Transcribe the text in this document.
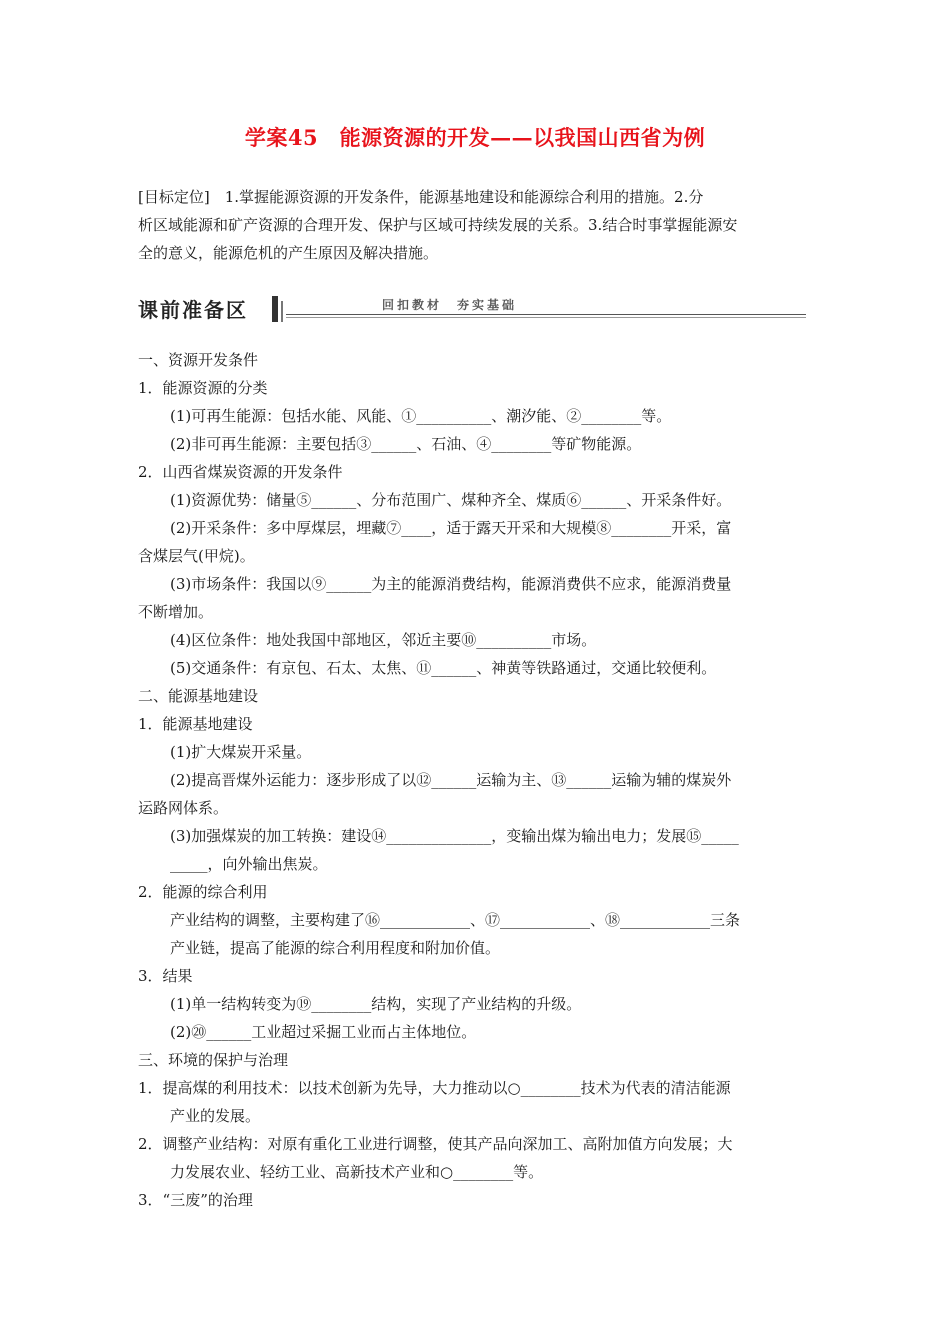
学案45　能源资源的开发——以我国山西省为例
[目标定位]　1.掌握能源资源的开发条件，能源基地建设和能源综合利用的措施。2.分
析区域能源和矿产资源的合理开发、保护与区域可持续发展的关系。3.结合时事掌握能源安
全的意义，能源危机的产生原因及解决措施。
课前准备区	回扣教材　夯实基础
一、资源开发条件
1．能源资源的分类
(1)可再生能源：包括水能、风能、①__________、潮汐能、②________等。
(2)非可再生能源：主要包括③______、石油、④________等矿物能源。
2．山西省煤炭资源的开发条件
(1)资源优势：储量⑤______、分布范围广、煤种齐全、煤质⑥______、开采条件好。
(2)开采条件：多中厚煤层，埋藏⑦____，适于露天开采和大规模⑧________开采，富
含煤层气(甲烷)。
(3)市场条件：我国以⑨______为主的能源消费结构，能源消费供不应求，能源消费量
不断增加。
(4)区位条件：地处我国中部地区，邻近主要⑩__________市场。
(5)交通条件：有京包、石太、太焦、⑪______、神黄等铁路通过，交通比较便利。
二、能源基地建设
1．能源基地建设
(1)扩大煤炭开采量。
(2)提高晋煤外运能力：逐步形成了以⑫______运输为主、⑬______运输为辅的煤炭外
运路网体系。
(3)加强煤炭的加工转换：建设⑭______________，变输出煤为输出电力；发展⑮_____
_____，向外输出焦炭。
2．能源的综合利用
产业结构的调整，主要构建了⑯____________、⑰____________、⑱____________三条
产业链，提高了能源的综合利用程度和附加价值。
3．结果
(1)单一结构转变为⑲________结构，实现了产业结构的升级。
(2)⑳______工业超过采掘工业而占主体地位。
三、环境的保护与治理
1．提高煤的利用技术：以技术创新为先导，大力推动以○________技术为代表的清洁能源
产业的发展。
2．调整产业结构：对原有重化工业进行调整，使其产品向深加工、高附加值方向发展；大
力发展农业、轻纺工业、高新技术产业和○________等。
3．“三废”的治理
